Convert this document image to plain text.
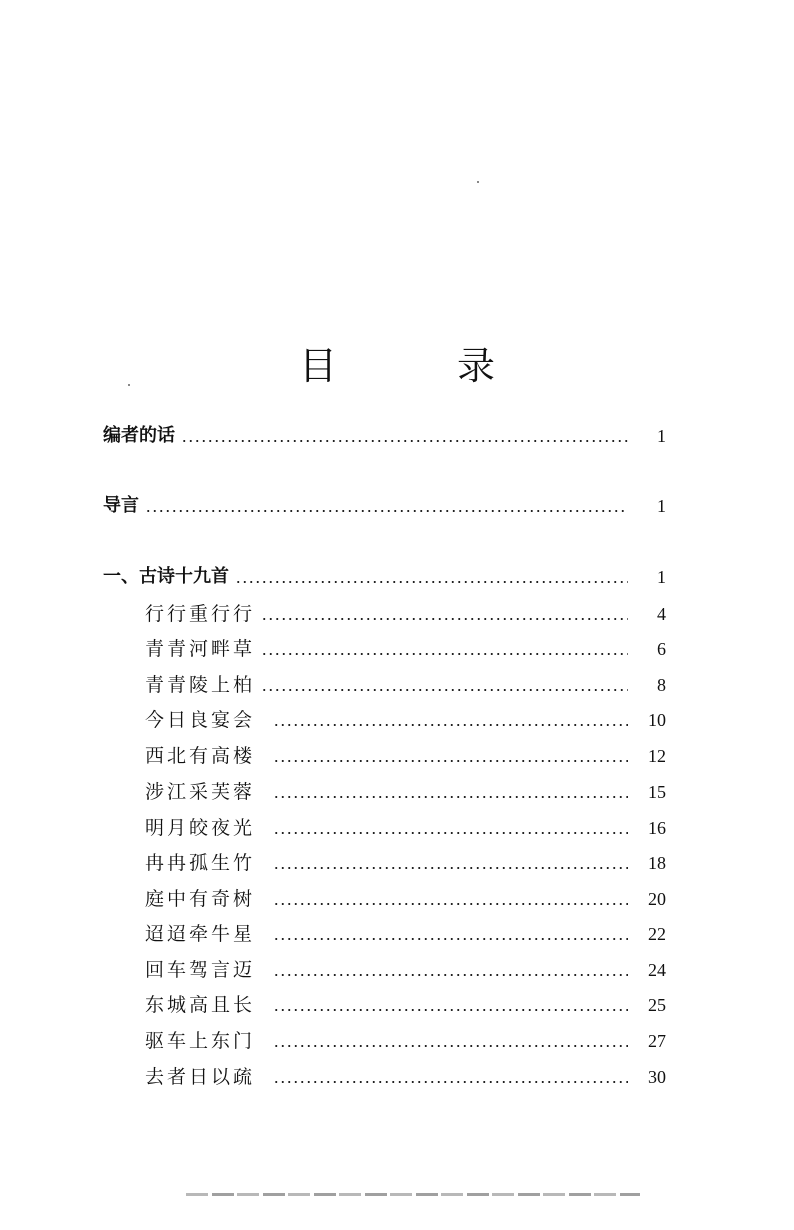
目 录
编者的话	1
导言	1
一、古诗十九首	1
行行重行行	4
青青河畔草	6
青青陵上柏	8
今日良宴会	10
西北有高楼	12
涉江采芙蓉	15
明月皎夜光	16
冉冉孤生竹	18
庭中有奇树	20
迢迢牵牛星	22
回车驾言迈	24
东城高且长	25
驱车上东门	27
去者日以疏	30
